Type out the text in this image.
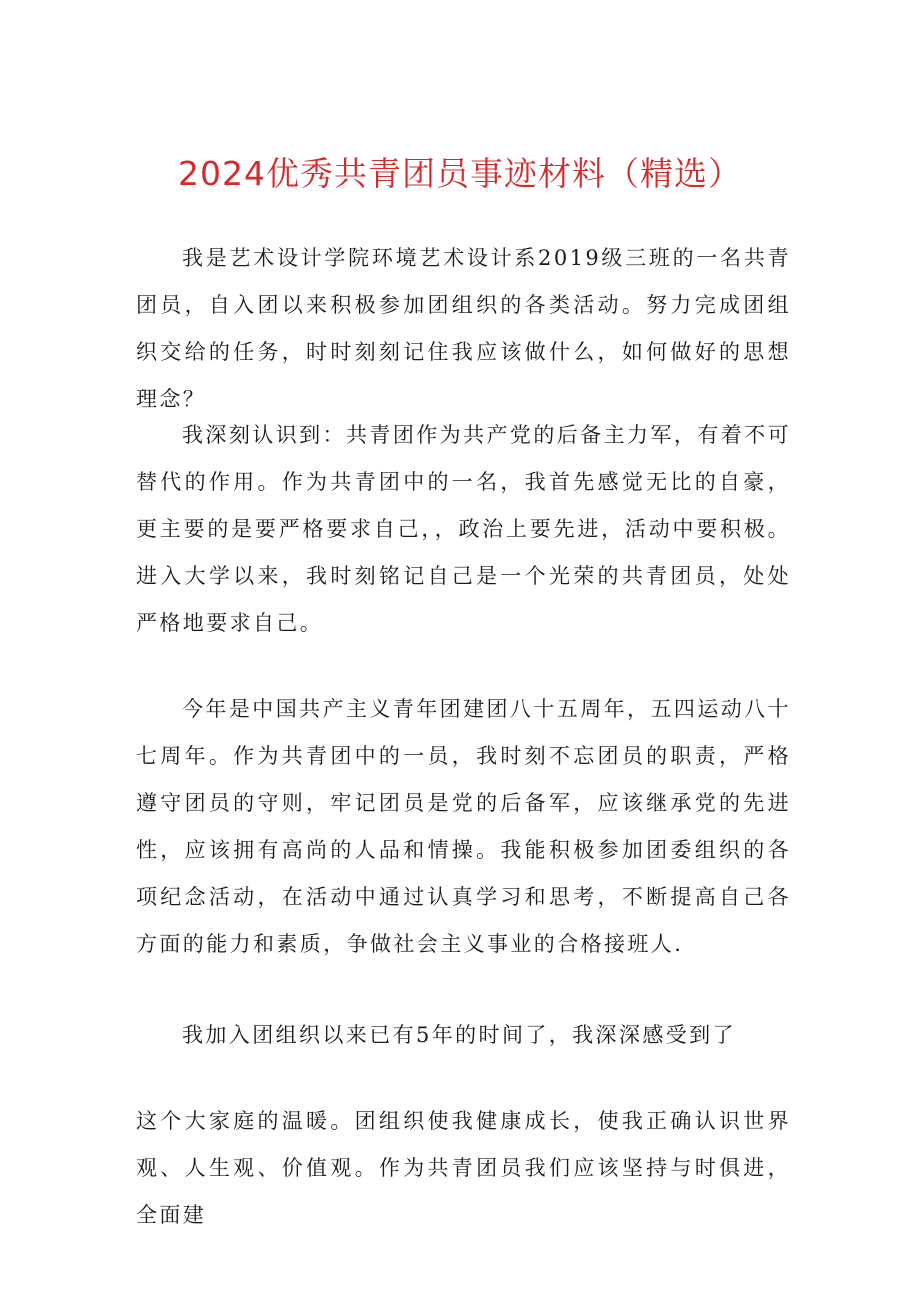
2024优秀共青团员事迹材料（精选）

我是艺术设计学院环境艺术设计系2019级三班的一名共青团员，自入团以来积极参加团组织的各类活动。努力完成团组织交给的任务，时时刻刻记住我应该做什么，如何做好的思想理念？

我深刻认识到：共青团作为共产党的后备主力军，有着不可替代的作用。作为共青团中的一名，我首先感觉无比的自豪，更主要的是要严格要求自己，，政治上要先进，活动中要积极。进入大学以来，我时刻铭记自己是一个光荣的共青团员，处处严格地要求自己。

今年是中国共产主义青年团建团八十五周年，五四运动八十七周年。作为共青团中的一员，我时刻不忘团员的职责，严格遵守团员的守则，牢记团员是党的后备军，应该继承党的先进性，应该拥有高尚的人品和情操。我能积极参加团委组织的各项纪念活动，在活动中通过认真学习和思考，不断提高自己各方面的能力和素质，争做社会主义事业的合格接班人.

我加入团组织以来已有5年的时间了，我深深感受到了

这个大家庭的温暖。团组织使我健康成长，使我正确认识世界观、人生观、价值观。作为共青团员我们应该坚持与时俱进，全面建
